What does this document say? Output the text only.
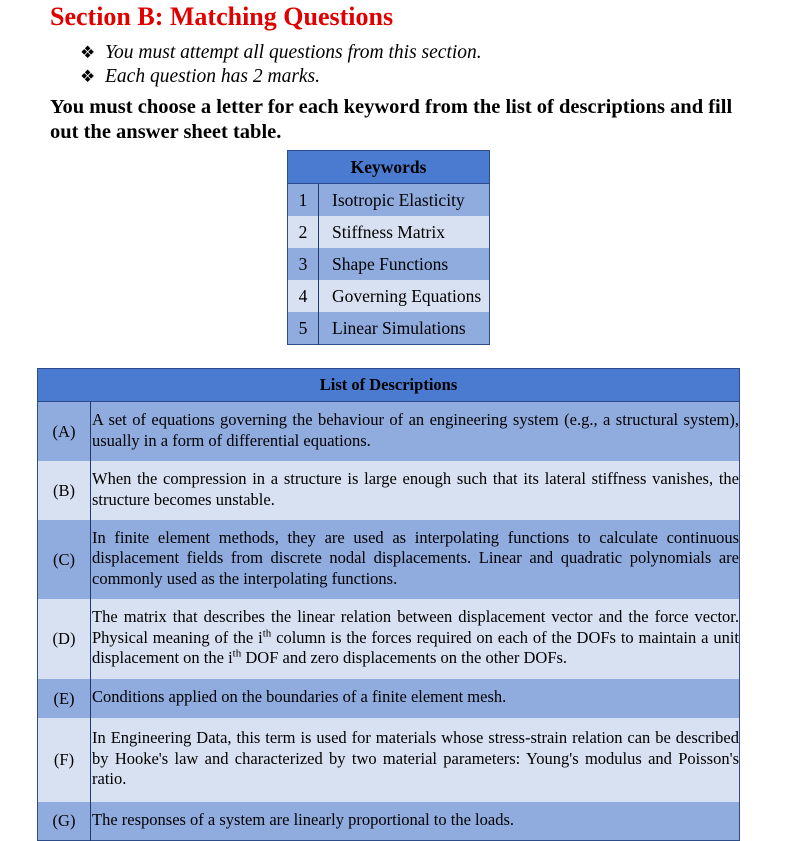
Section B: Matching Questions
❖ You must attempt all questions from this section.
❖ Each question has 2 marks.

You must choose a letter for each keyword from the list of descriptions and fill out the answer sheet table.

Keywords	
1	Isotropic Elasticity
2	Stiffness Matrix
3	Shape Functions
4	Governing Equations
5	Linear Simulations
List of Descriptions	
(A)	A set of equations governing the behaviour of an engineering system (e.g., a structural system), usually in a form of differential equations.
(B)	When the compression in a structure is large enough such that its lateral stiffness vanishes, the structure becomes unstable.
(C)	In finite element methods, they are used as interpolating functions to calculate continuous displacement fields from discrete nodal displacements. Linear and quadratic polynomials are commonly used as the interpolating functions.
(D)	The matrix that describes the linear relation between displacement vector and the force vector. Physical meaning of the $i^{th}$ column is the forces required on each of the DOFs to maintain a unit displacement on the $i^{th}$ DOF and zero displacements on the other DOFs.
(E)	Conditions applied on the boundaries of a finite element mesh.
(F)	In Engineering Data, this term is used for materials whose stress-strain relation can be described by Hooke's law and characterized by two material parameters: Young's modulus and Poisson's ratio.
(G)	The responses of a system are linearly proportional to the loads.
